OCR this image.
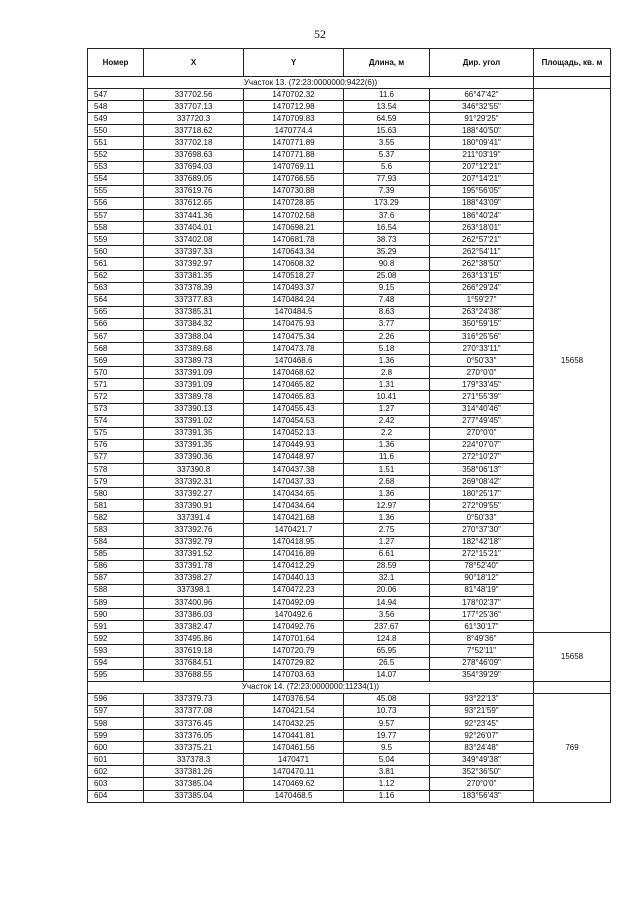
52
Номер	X	Y	Длина, м	Дир. угол	Площадь, кв. м
Участок 13. (72:23:0000000:9422(6))					
547	337702.56	1470702.32	11.6	66°47'42"	15658
548	337707.13	1470712.98	13.54	346°32'55"	
549	337720.3	1470709.83	64.59	91°29'25"	
550	337718.62	1470774.4	15.63	188°40'50"	
551	337702.18	1470771.89	3.55	180°09'41"	
552	337698.63	1470771.88	5.37	211°03'19"	
553	337694.03	1470769.11	5.6	207°12'21"	
554	337689.05	1470766.55	77.93	207°14'21"	
555	337619.76	1470730.88	7.39	195°56'05"	
556	337612.65	1470728.85	173.29	188°43'09"	
557	337441.36	1470702.58	37.6	186°40'24"	
558	337404.01	1470698.21	16.54	263°18'01"	
559	337402.08	1470681.78	38.73	262°57'21"	
560	337397.33	1470643.34	35.29	262°54'11"	
561	337392.97	1470608.32	90.8	262°38'50"	
562	337381.35	1470518.27	25.08	263°13'15"	
563	337378.39	1470493.37	9.15	266°29'24"	
564	337377.83	1470484.24	7.48	1°59'27"	
565	337385.31	1470484.5	8.63	263°24'38"	
566	337384.32	1470475.93	3.77	350°59'15"	
567	337388.04	1470475.34	2.26	316°25'56"	
568	337389.68	1470473.78	5.18	270°33'11"	
569	337389.73	1470468.6	1.36	0°50'33"	
570	337391.09	1470468.62	2.8	270°0'0"	
571	337391.09	1470465.82	1.31	179°33'45"	
572	337389.78	1470465.83	10.41	271°55'39"	
573	337390.13	1470455.43	1.27	314°40'46"	
574	337391.02	1470454.53	2.42	277°49'45"	
575	337391.35	1470452.13	2.2	270°0'0"	
576	337391.35	1470449.93	1.36	224°07'07"	
577	337390.36	1470448.97	11.6	272°10'27"	
578	337390.8	1470437.38	1.51	358°06'13"	
579	337392.31	1470437.33	2.68	269°08'42"	
580	337392.27	1470434.65	1.36	180°25'17"	
581	337390.91	1470434.64	12.97	272°09'55"	
582	337391.4	1470421.68	1.36	0°50'33"	
583	337392.76	1470421.7	2.75	270°37'30"	
584	337392.79	1470418.95	1.27	182°42'18"	
585	337391.52	1470416.89	6.61	272°15'21"	
586	337391.78	1470412.29	28.59	78°52'40"	
587	337398.27	1470440.13	32.1	90°18'12"	
588	337398.1	1470472.23	20.06	81°48'19"	
589	337400.96	1470492.09	14.94	178°02'37"	
590	337386.03	1470492.6	3.56	177°25'36"	
591	337382.47	1470492.76	237.67	61°30'17"	
592	337495.86	1470701.64	124.8	8°49'36"	15658
593	337619.18	1470720.79	65.95	7°52'11"	
594	337684.51	1470729.82	26.5	278°46'09"	
595	337688.55	1470703.63	14.07	354°39'29"	
Участок 14. (72:23:0000000:11234(1))					
596	337379.73	1470376.54	45.08	93°22'13"	769
597	337377.08	1470421.54	10.73	93°21'59"	
598	337376.45	1470432.25	9.57	92°23'45"	
599	337376.05	1470441.81	19.77	92°26'07"	
600	337375.21	1470461.56	9.5	83°24'48"	
601	337378.3	1470471	5.04	349°49'38"	
602	337381.26	1470470.11	3.81	352°36'50"	
603	337385.04	1470469.62	1.12	270°0'0"	
604	337385.04	1470468.5	1.16	183°56'43"	
